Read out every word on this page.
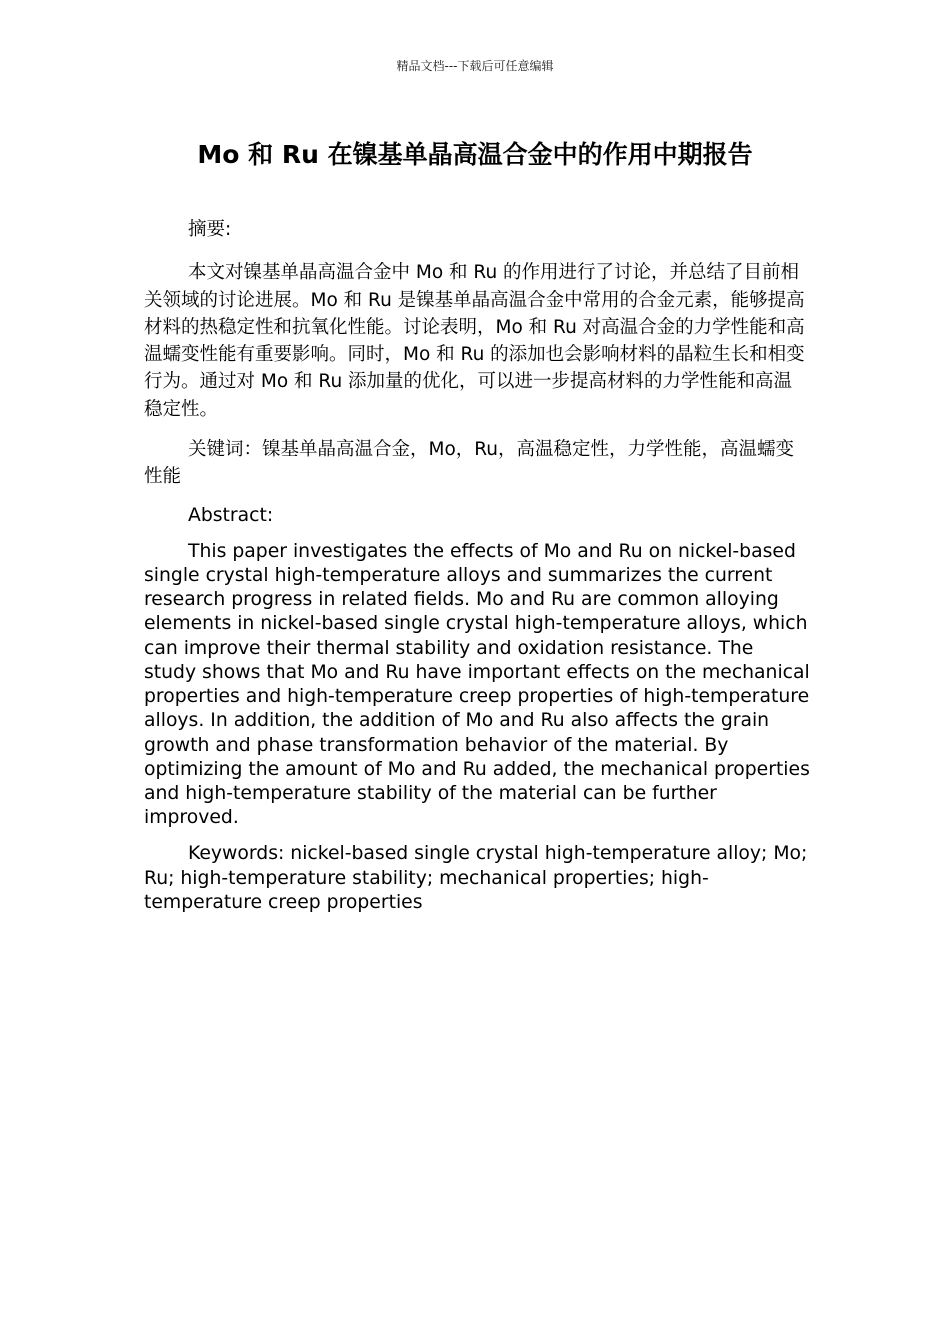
精品文档---下载后可任意编辑
Mo 和 Ru 在镍基单晶高温合金中的作用中期报告

摘要:

本文对镍基单晶高温合金中 Mo 和 Ru 的作用进行了讨论，并总结了目前相关领域的讨论进展。Mo 和 Ru 是镍基单晶高温合金中常用的合金元素，能够提高材料的热稳定性和抗氧化性能。讨论表明，Mo 和 Ru 对高温合金的力学性能和高温蠕变性能有重要影响。同时，Mo 和 Ru 的添加也会影响材料的晶粒生长和相变行为。通过对 Mo 和 Ru 添加量的优化，可以进一步提高材料的力学性能和高温稳定性。

关键词：镍基单晶高温合金，Mo，Ru，高温稳定性，力学性能，高温蠕变性能

Abstract:

This paper investigates the effects of Mo and Ru on nickel-based single crystal high-temperature alloys and summarizes the current research progress in related fields. Mo and Ru are common alloying elements in nickel-based single crystal high-temperature alloys, which can improve their thermal stability and oxidation resistance. The study shows that Mo and Ru have important effects on the mechanical properties and high-temperature creep properties of high-temperature alloys. In addition, the addition of Mo and Ru also affects the grain growth and phase transformation behavior of the material. By optimizing the amount of Mo and Ru added, the mechanical properties and high-temperature stability of the material can be further improved.

Keywords: nickel-based single crystal high-temperature alloy; Mo; Ru; high-temperature stability; mechanical properties; high-temperature creep properties
